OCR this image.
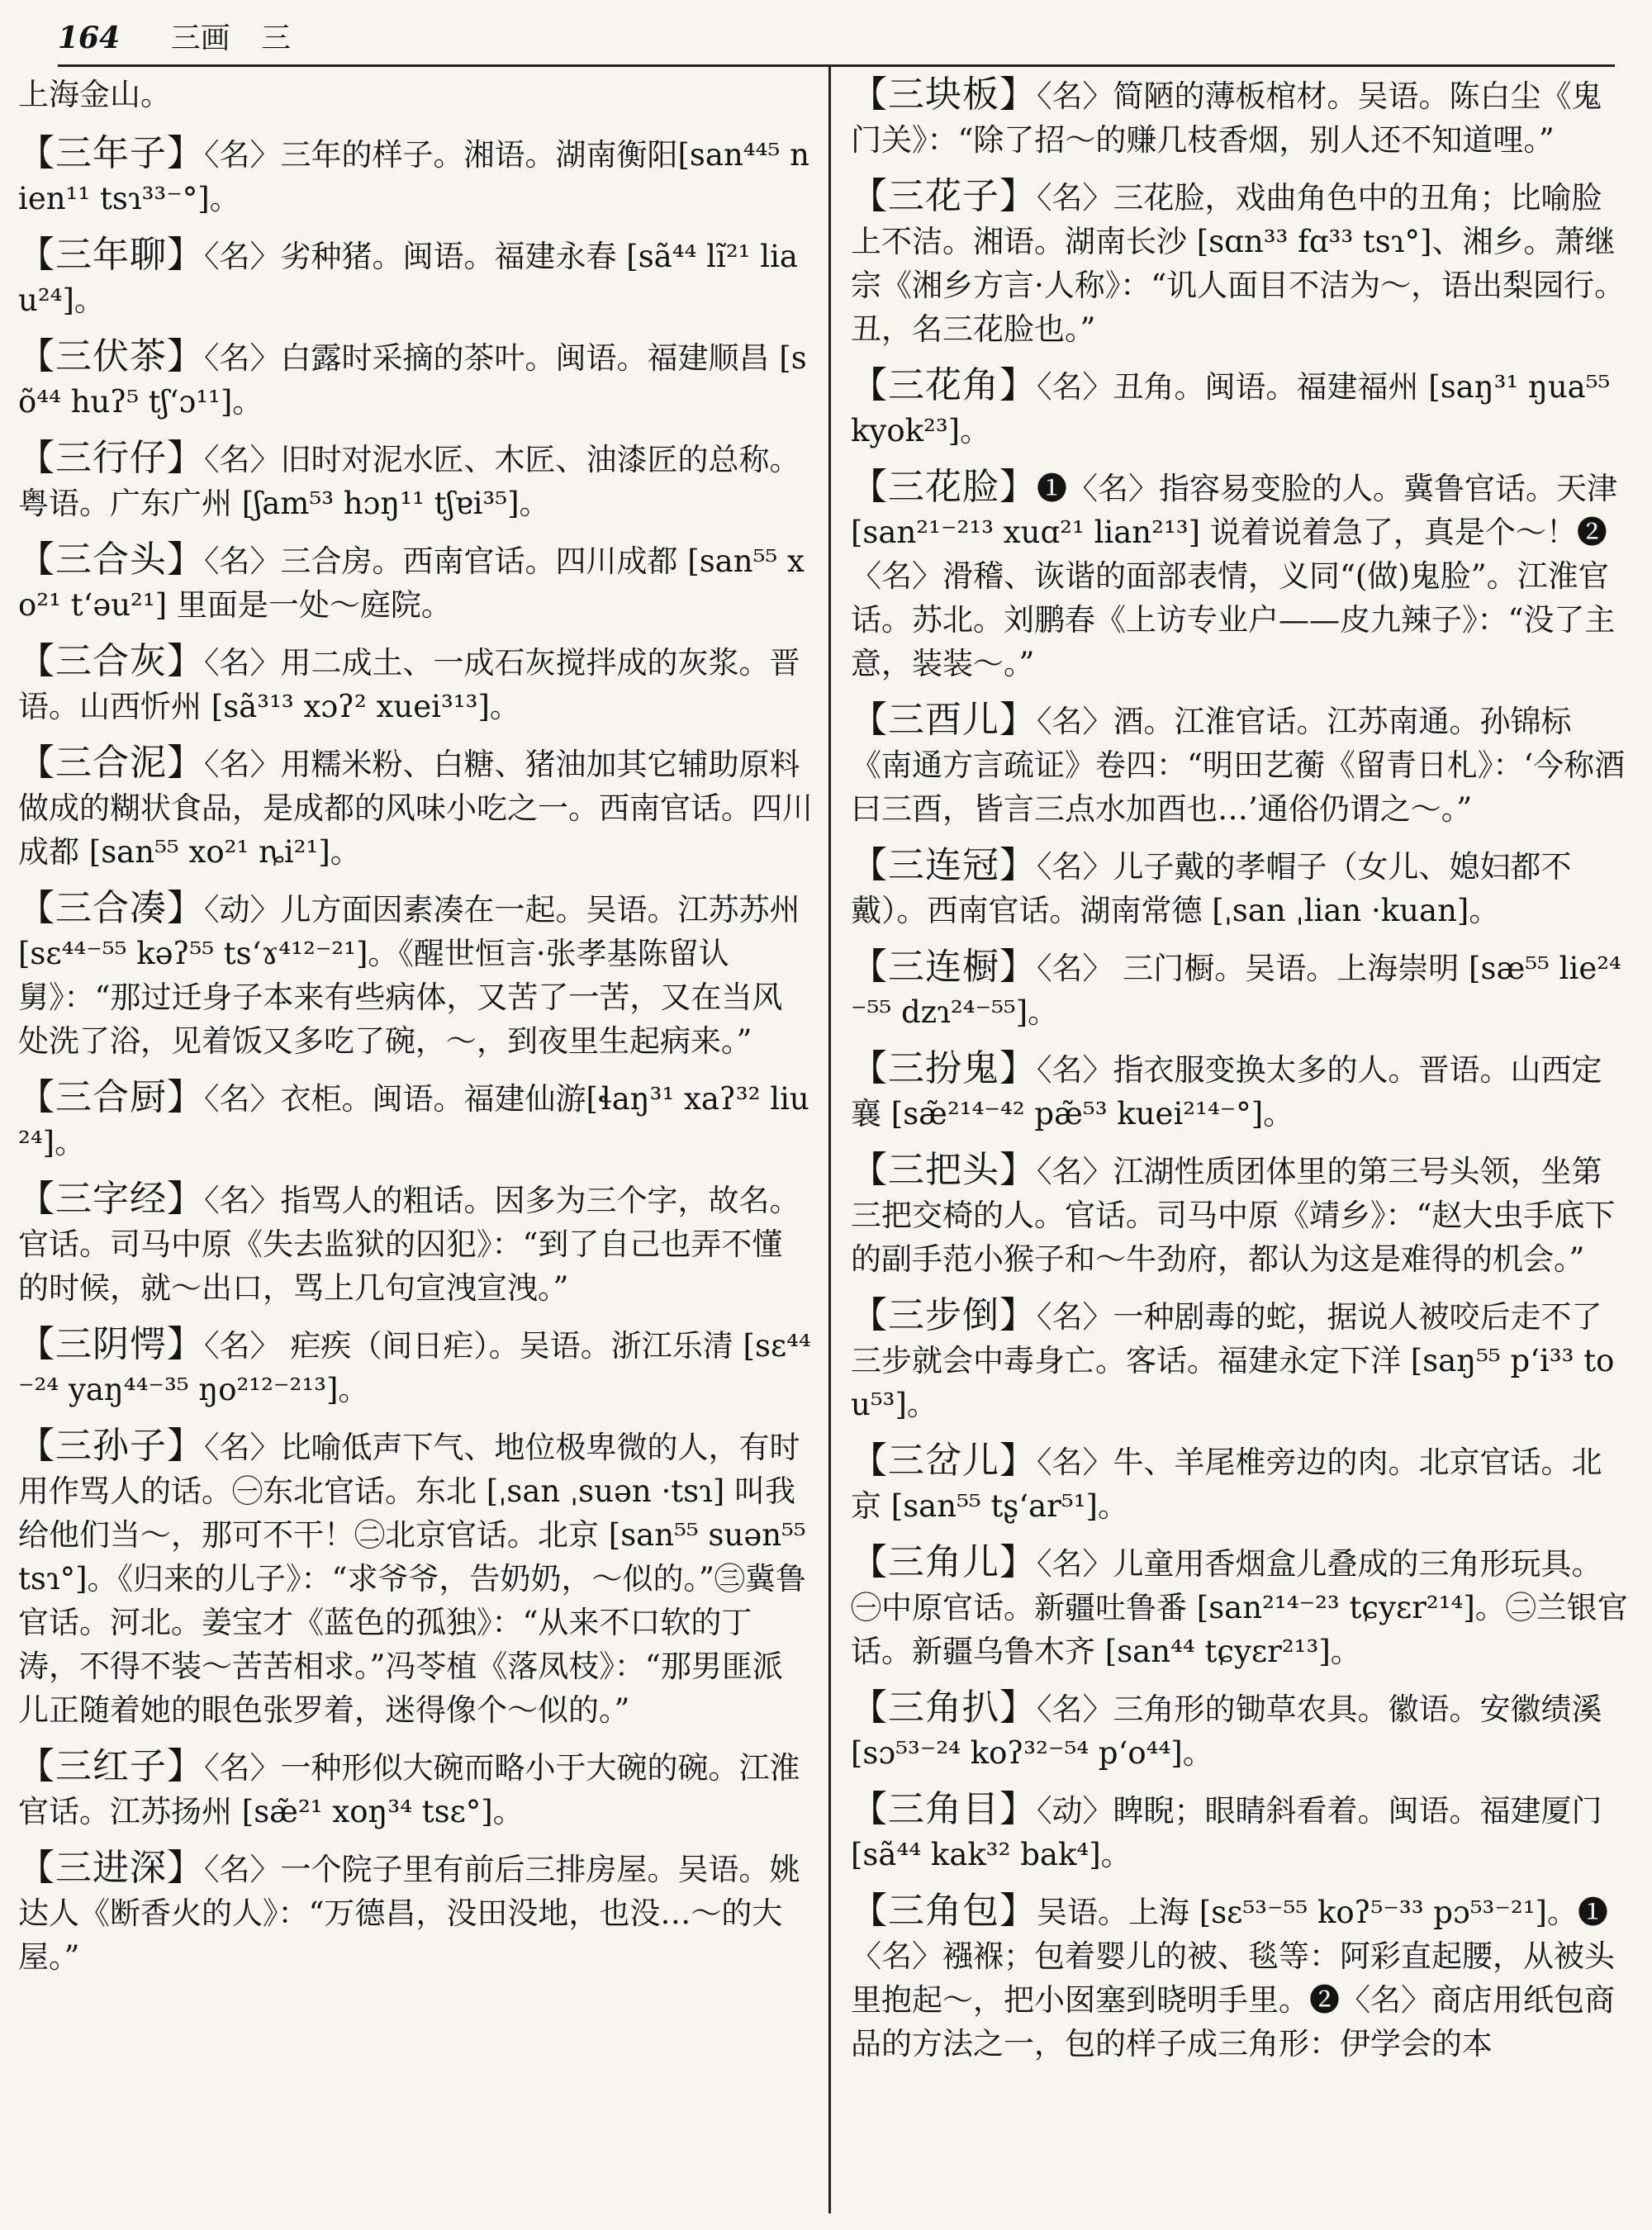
164 三画 三
上海金山。
【三年子】〈名〉三年的样子。湘语。湖南衡阳[san⁴⁴⁵ nien¹¹ tsɿ³³⁻°]。
【三年聊】〈名〉劣种猪。闽语。福建永春 [sã⁴⁴ lĩ²¹ liau²⁴]。
【三伏茶】〈名〉白露时采摘的茶叶。闽语。福建顺昌 [sõ⁴⁴ huʔ⁵ tʃʻɔ¹¹]。
【三行仔】〈名〉旧时对泥水匠、木匠、油漆匠的总称。粤语。广东广州 [ʃam⁵³ hɔŋ¹¹ tʃɐi³⁵]。
【三合头】〈名〉三合房。西南官话。四川成都 [san⁵⁵ xo²¹ tʻəu²¹] 里面是一处～庭院。
【三合灰】〈名〉用二成土、一成石灰搅拌成的灰浆。晋语。山西忻州 [sã³¹³ xɔʔ² xuei³¹³]。
【三合泥】〈名〉用糯米粉、白糖、猪油加其它辅助原料做成的糊状食品，是成都的风味小吃之一。西南官话。四川成都 [san⁵⁵ xo²¹ ȵi²¹]。
【三合凑】〈动〉儿方面因素凑在一起。吴语。江苏苏州 [sɛ⁴⁴⁻⁵⁵ kəʔ⁵⁵ tsʻɤ⁴¹²⁻²¹]。《醒世恒言·张孝基陈留认舅》：“那过迁身子本来有些病体，又苦了一苦，又在当风处洗了浴，见着饭又多吃了碗，～，到夜里生起病来。”
【三合厨】〈名〉衣柜。闽语。福建仙游[ɬaŋ³¹ xaʔ³² liu²⁴]。
【三字经】〈名〉指骂人的粗话。因多为三个字，故名。官话。司马中原《失去监狱的囚犯》：“到了自己也弄不懂的时候，就～出口，骂上几句宣洩宣洩。”
【三阴愕】〈名〉 疟疾（间日疟）。吴语。浙江乐清 [sɛ⁴⁴⁻²⁴ yaŋ⁴⁴⁻³⁵ ŋo²¹²⁻²¹³]。
【三孙子】〈名〉比喻低声下气、地位极卑微的人，有时用作骂人的话。㊀东北官话。东北 [ˌsan ˌsuən ·tsɿ] 叫我给他们当～，那可不干！㊁北京官话。北京 [san⁵⁵ suən⁵⁵ tsɿ°]。《归来的儿子》：“求爷爷，告奶奶，～似的。”㊂冀鲁官话。河北。姜宝才《蓝色的孤独》：“从来不口软的丁涛，不得不装～苦苦相求。”冯苓植《落凤枝》：“那男匪派儿正随着她的眼色张罗着，迷得像个～似的。”
【三红子】〈名〉一种形似大碗而略小于大碗的碗。江淮官话。江苏扬州 [sæ̃²¹ xoŋ³⁴ tsɛ°]。
【三进深】〈名〉一个院子里有前后三排房屋。吴语。姚达人《断香火的人》：“万德昌，没田没地，也没…～的大屋。”
【三块板】〈名〉简陋的薄板棺材。吴语。陈白尘《鬼门关》：“除了招～的赚几枝香烟，别人还不知道哩。”
【三花子】〈名〉三花脸，戏曲角色中的丑角；比喻脸上不洁。湘语。湖南长沙 [sɑn³³ fɑ³³ tsɿ°]、湘乡。萧继宗《湘乡方言·人称》：“讥人面目不洁为～，语出梨园行。丑，名三花脸也。”
【三花角】〈名〉丑角。闽语。福建福州 [saŋ³¹ ŋua⁵⁵ kyok²³]。
【三花脸】❶〈名〉指容易变脸的人。冀鲁官话。天津 [san²¹⁻²¹³ xuɑ²¹ lian²¹³] 说着说着急了，真是个～！❷〈名〉滑稽、诙谐的面部表情，义同“(做)鬼脸”。江淮官话。苏北。刘鹏春《上访专业户——皮九辣子》：“没了主意，装装～。”
【三酉儿】〈名〉酒。江淮官话。江苏南通。孙锦标《南通方言疏证》卷四：“明田艺蘅《留青日札》：‘今称酒曰三酉，皆言三点水加酉也…’通俗仍谓之～。”
【三连冠】〈名〉儿子戴的孝帽子（女儿、媳妇都不戴）。西南官话。湖南常德 [ˌsan ˌlian ·kuan]。
【三连橱】〈名〉 三门橱。吴语。上海崇明 [sæ⁵⁵ lie²⁴⁻⁵⁵ dzɿ²⁴⁻⁵⁵]。
【三扮鬼】〈名〉指衣服变换太多的人。晋语。山西定襄 [sæ̃²¹⁴⁻⁴² pæ̃⁵³ kuei²¹⁴⁻°]。
【三把头】〈名〉江湖性质团体里的第三号头领，坐第三把交椅的人。官话。司马中原《靖乡》：“赵大虫手底下的副手范小猴子和～牛劲府，都认为这是难得的机会。”
【三步倒】〈名〉一种剧毒的蛇，据说人被咬后走不了三步就会中毒身亡。客话。福建永定下洋 [saŋ⁵⁵ pʻi³³ tou⁵³]。
【三岔儿】〈名〉牛、羊尾椎旁边的肉。北京官话。北京 [san⁵⁵ tʂʻar⁵¹]。
【三角儿】〈名〉儿童用香烟盒儿叠成的三角形玩具。㊀中原官话。新疆吐鲁番 [san²¹⁴⁻²³ tɕyɛr²¹⁴]。㊁兰银官话。新疆乌鲁木齐 [san⁴⁴ tɕyɛr²¹³]。
【三角扒】〈名〉三角形的锄草农具。徽语。安徽绩溪 [sɔ⁵³⁻²⁴ koʔ³²⁻⁵⁴ pʻo⁴⁴]。
【三角目】〈动〉睥睨；眼睛斜看着。闽语。福建厦门 [sã⁴⁴ kak³² bak⁴]。
【三角包】吴语。上海 [sɛ⁵³⁻⁵⁵ koʔ⁵⁻³³ pɔ⁵³⁻²¹]。❶〈名〉襁褓；包着婴儿的被、毯等：阿彩直起腰，从被头里抱起～，把小囡塞到晓明手里。❷〈名〉商店用纸包商品的方法之一，包的样子成三角形：伊学会的本
